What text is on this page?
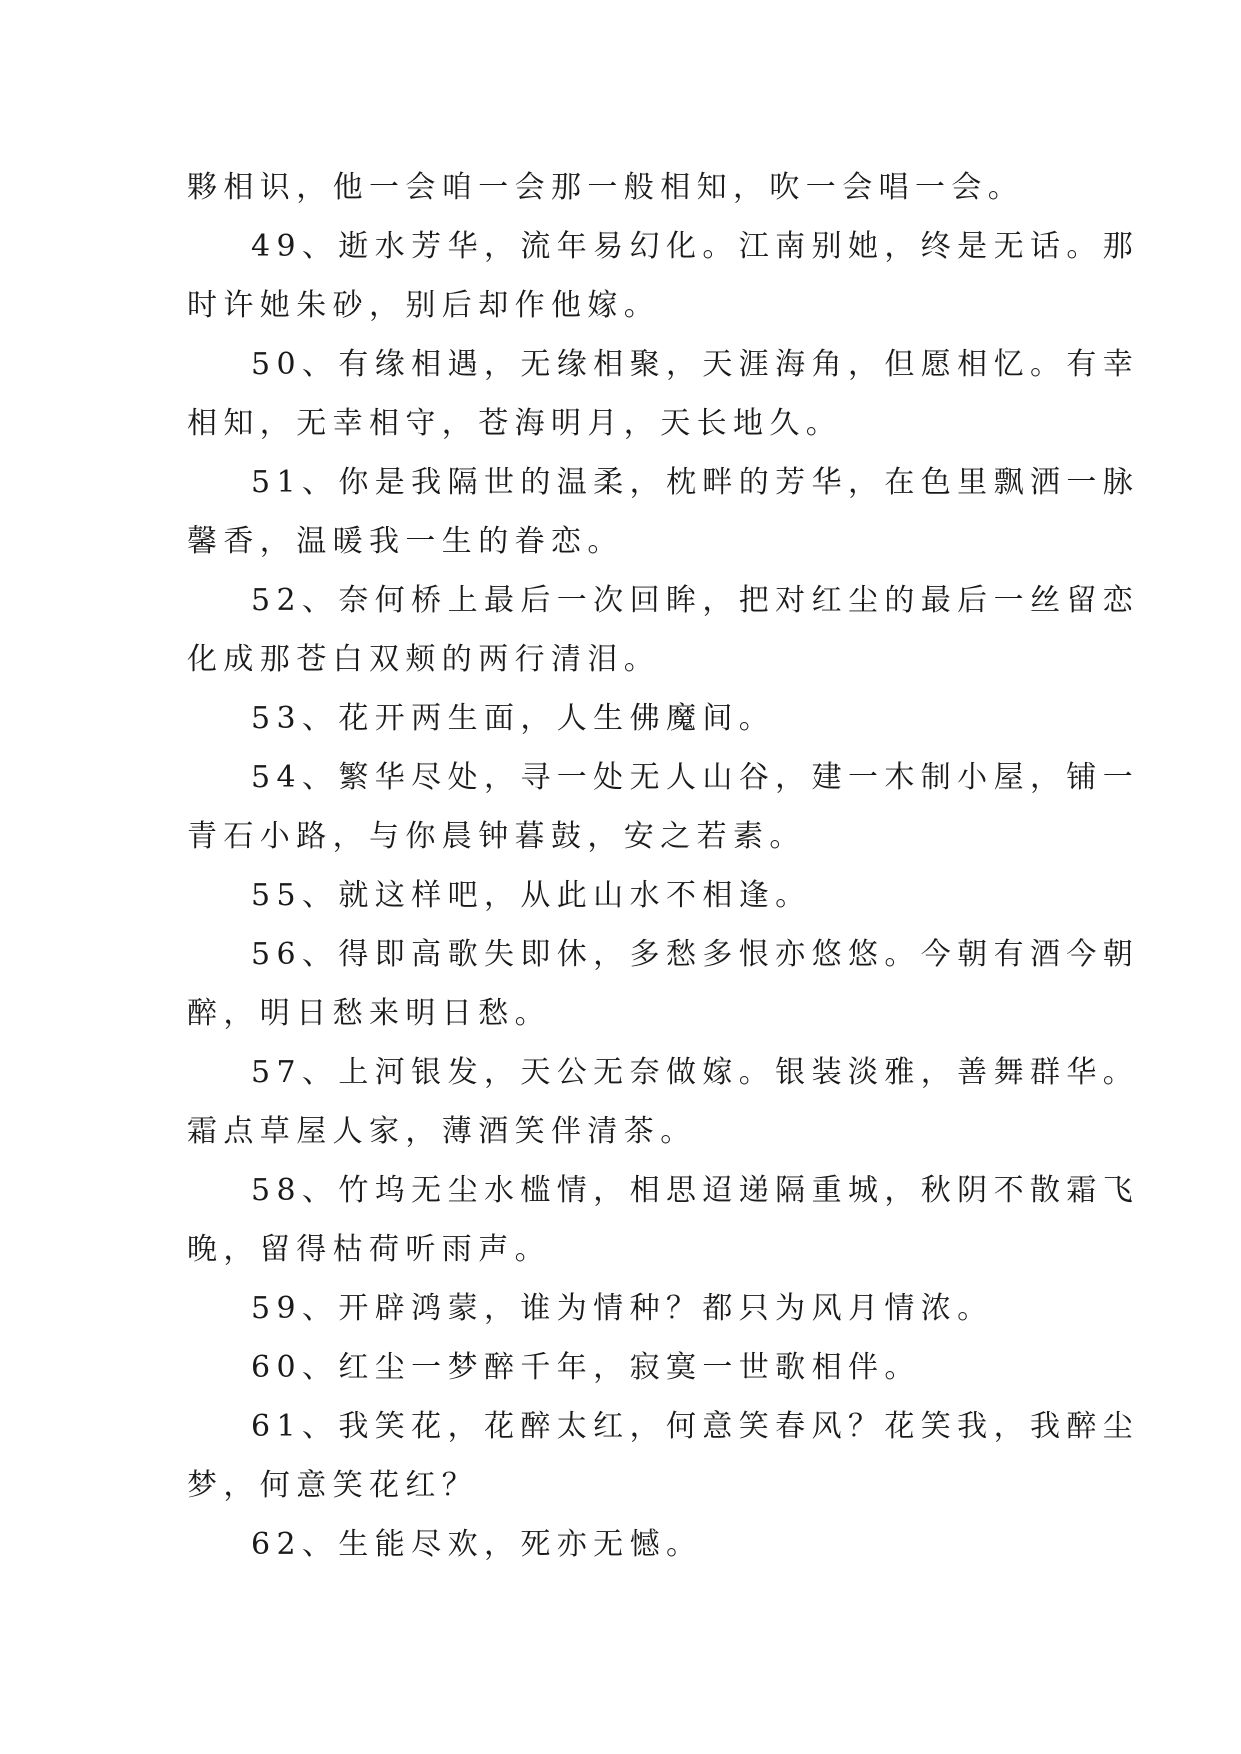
夥相识，他一会咱一会那一般相知，吹一会唱一会。
49、逝水芳华，流年易幻化。江南别她，终是无话。那
时许她朱砂，别后却作他嫁。
50、有缘相遇，无缘相聚，天涯海角，但愿相忆。有幸
相知，无幸相守，苍海明月，天长地久。
51、你是我隔世的温柔，枕畔的芳华，在色里飘洒一脉
馨香，温暖我一生的眷恋。
52、奈何桥上最后一次回眸，把对红尘的最后一丝留恋
化成那苍白双颊的两行清泪。
53、花开两生面，人生佛魔间。
54、繁华尽处，寻一处无人山谷，建一木制小屋，铺一
青石小路，与你晨钟暮鼓，安之若素。
55、就这样吧，从此山水不相逢。
56、得即高歌失即休，多愁多恨亦悠悠。今朝有酒今朝
醉，明日愁来明日愁。
57、上河银发，天公无奈做嫁。银装淡雅，善舞群华。
霜点草屋人家，薄酒笑伴清茶。
58、竹坞无尘水槛情，相思迢递隔重城，秋阴不散霜飞
晚，留得枯荷听雨声。
59、开辟鸿蒙，谁为情种？都只为风月情浓。
60、红尘一梦醉千年，寂寞一世歌相伴。
61、我笑花，花醉太红，何意笑春风？花笑我，我醉尘
梦，何意笑花红？
62、生能尽欢，死亦无憾。
